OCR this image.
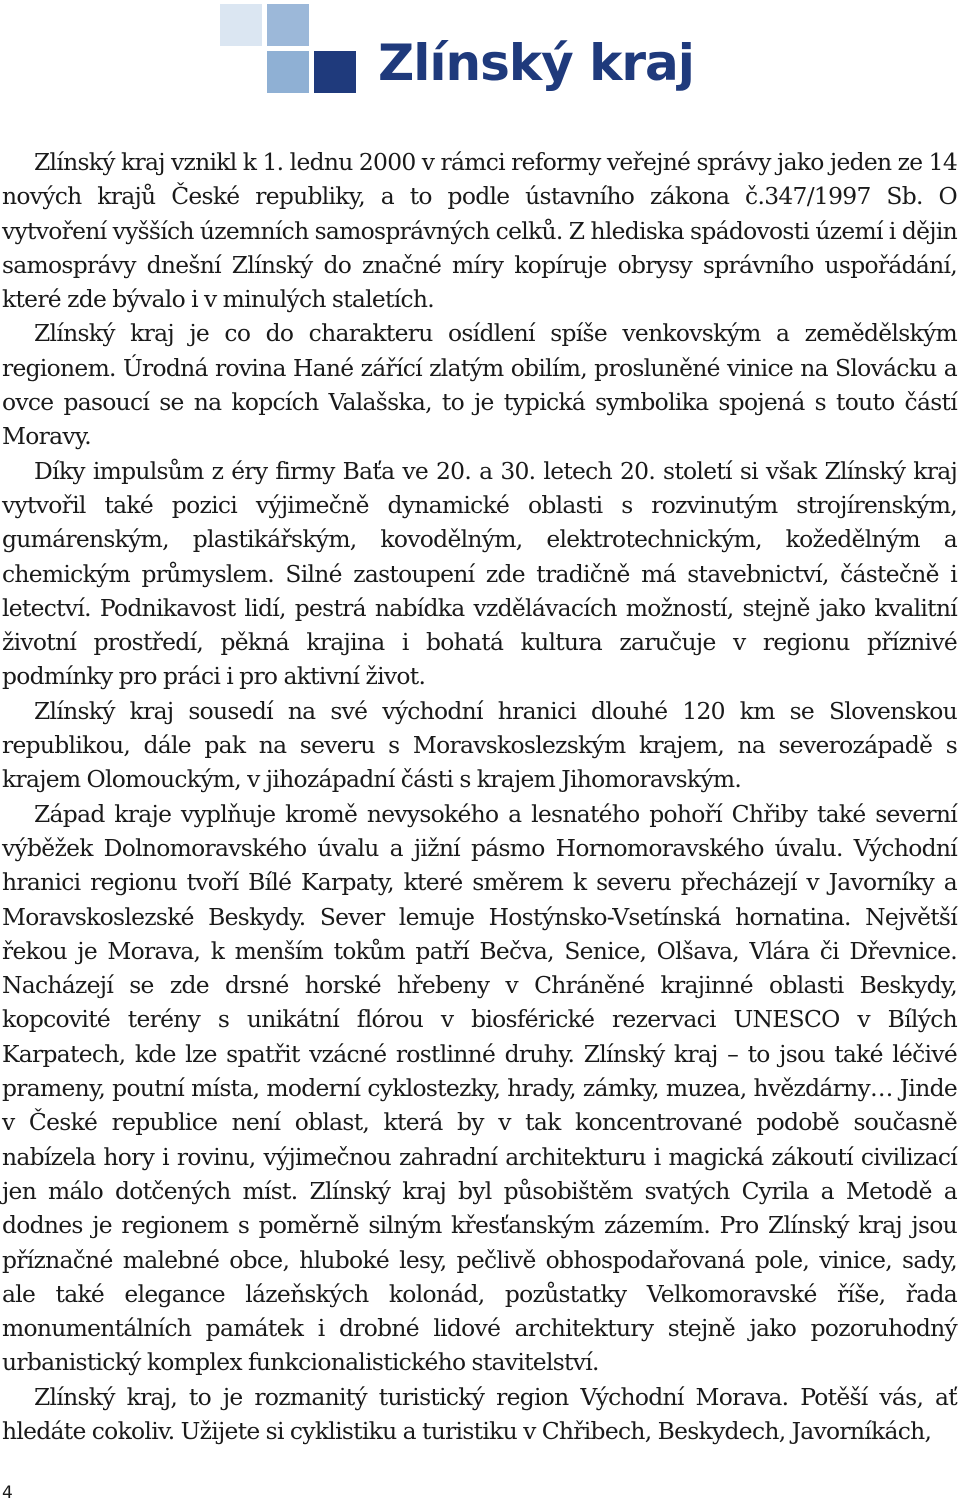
Zlínský kraj

Zlínský kraj vznikl k 1. lednu 2000 v rámci reformy veřejné správy jako jeden ze 14 nových krajů České republiky, a to podle ústavního zákona č.347/1997 Sb. O vytvoření vyšších územních samosprávných celků. Z hlediska spádovosti území i dějin samosprávy dnešní Zlínský do značné míry kopíruje obrysy správního uspořádání, které zde bývalo i v minulých staletích.

Zlínský kraj je co do charakteru osídlení spíše venkovským a zemědělským regionem. Úrodná rovina Hané zářící zlatým obilím, prosluněné vinice na Slovácku a ovce pasoucí se na kopcích Valašska, to je typická symbolika spojená s touto částí Moravy.

Díky impulsům z éry firmy Baťa ve 20. a 30. letech 20. století si však Zlínský kraj vytvořil také pozici výjimečně dynamické oblasti s rozvinutým strojírenským, gumárenským, plastikářským, kovodělným, elektrotechnickým, kožedělným a chemickým průmyslem. Silné zastoupení zde tradičně má stavebnictví, částečně i letectví. Podnikavost lidí, pestrá nabídka vzdělávacích možností, stejně jako kvalitní životní prostředí, pěkná krajina i bohatá kultura zaručuje v regionu příznivé podmínky pro práci i pro aktivní život.

Zlínský kraj sousedí na své východní hranici dlouhé 120 km se Slovenskou republikou, dále pak na severu s Moravskoslezským krajem, na severozápadě s krajem Olomouckým, v jihozápadní části s krajem Jihomoravským.

Západ kraje vyplňuje kromě nevysokého a lesnatého pohoří Chřiby také severní výběžek Dolnomoravského úvalu a jižní pásmo Hornomoravského úvalu. Východní hranici regionu tvoří Bílé Karpaty, které směrem k severu přecházejí v Javorníky a Moravskoslezské Beskydy. Sever lemuje Hostýnsko-Vsetínská hornatina. Největší řekou je Morava, k menším tokům patří Bečva, Senice, Olšava, Vlára či Dřevnice. Nacházejí se zde drsné horské hřebeny v Chráněné krajinné oblasti Beskydy, kopcovité terény s unikátní flórou v biosférické rezervaci UNESCO v Bílých Karpatech, kde lze spatřit vzácné rostlinné druhy. Zlínský kraj – to jsou také léčivé prameny, poutní místa, moderní cyklostezky, hrady, zámky, muzea, hvězdárny… Jinde v České republice není oblast, která by v tak koncentrované podobě současně nabízela hory i rovinu, výjimečnou zahradní architekturu i magická zákoutí civilizací jen málo dotčených míst. Zlínský kraj byl působištěm svatých Cyrila a Metodě a dodnes je regionem s poměrně silným křesťanským zázemím. Pro Zlínský kraj jsou příznačné malebné obce, hluboké lesy, pečlivě obhospodařovaná pole, vinice, sady, ale také elegance lázeňských kolonád, pozůstatky Velkomoravské říše, řada monumentálních památek i drobné lidové architektury stejně jako pozoruhodný urbanistický komplex funkcionalistického stavitelství.

Zlínský kraj, to je rozmanitý turistický region Východní Morava. Potěší vás, ať hledáte cokoliv. Užijete si cyklistiku a turistiku v Chřibech, Beskydech, Javorníkách,

4
